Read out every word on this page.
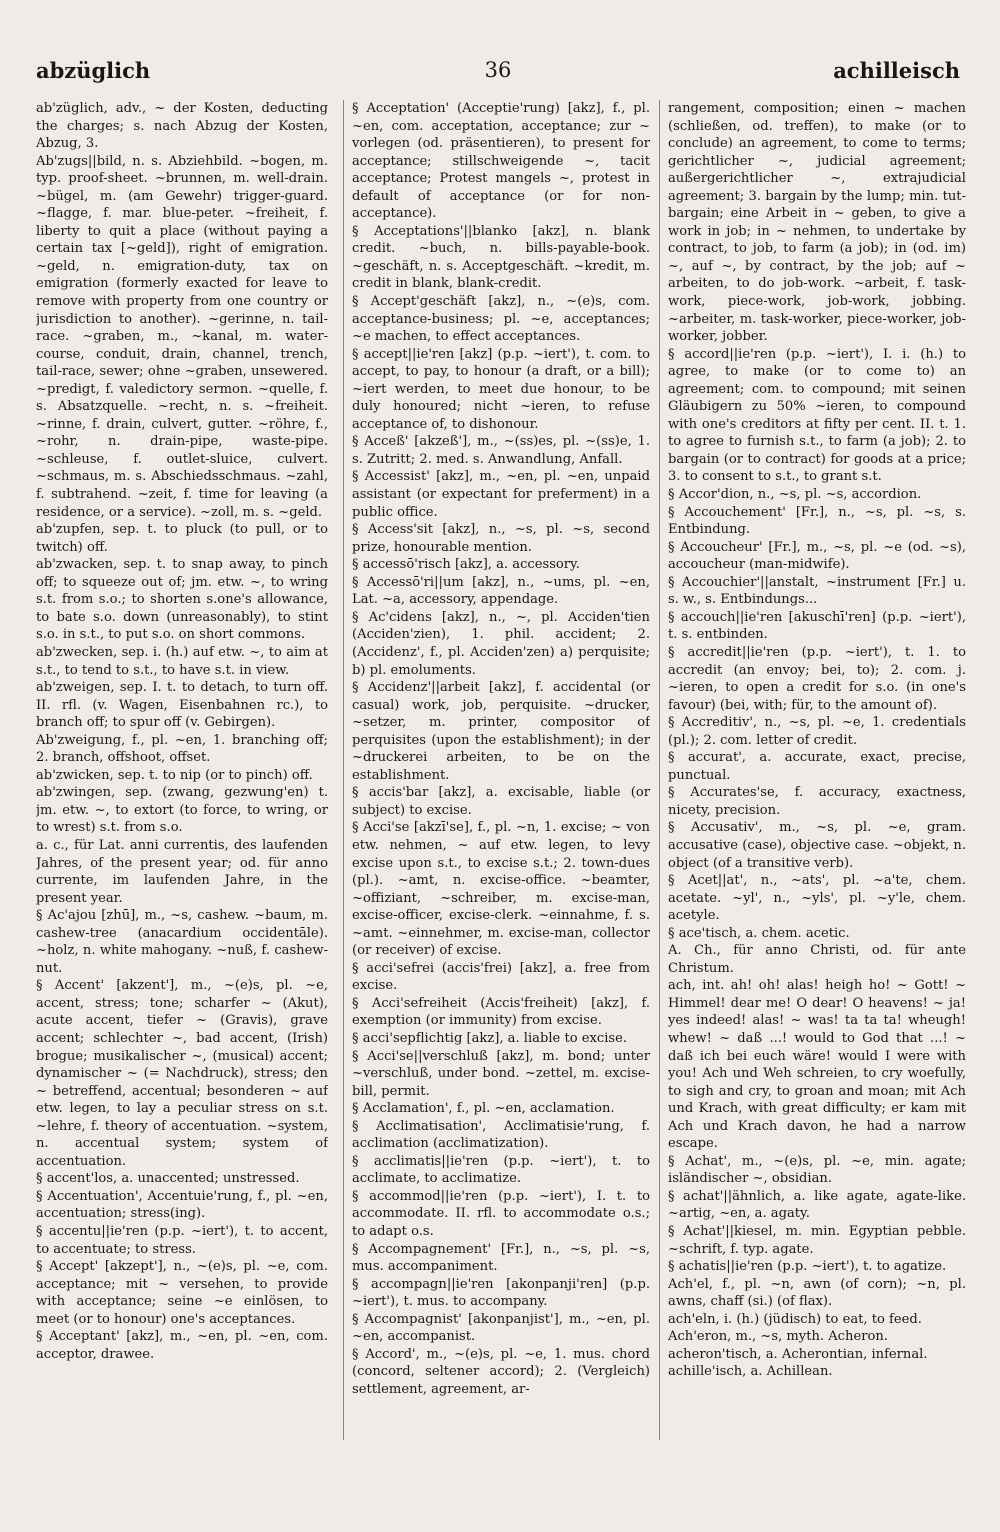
36
abzüglich	achilleisch

ab'züglich, adv., ~ der Kosten, deducting the charges; s. nach Abzug der Kosten, Abzug, 3.

Ab'zugs||bild, n. s. Abziehbild. ~bogen, m. typ. proof-sheet. ~brunnen, m. well-drain. ~bügel, m. (am Gewehr) trigger-guard. ~flagge, f. mar. blue-peter. ~freiheit, f. liberty to quit a place (without paying a certain tax [~geld]), right of emigration. ~geld, n. emigration-duty, tax on emigration (formerly exacted for leave to remove with property from one country or jurisdiction to another). ~gerinne, n. tail-race. ~graben, m., ~kanal, m. water-course, conduit, drain, channel, trench, tail-race, sewer; ohne ~graben, unsewered. ~predigt, f. valedictory sermon. ~quelle, f. s. Absatzquelle. ~recht, n. s. ~freiheit. ~rinne, f. drain, culvert, gutter. ~röhre, f., ~rohr, n. drain-pipe, waste-pipe. ~schleuse, f. outlet-sluice, culvert. ~schmaus, m. s. Abschiedsschmaus. ~zahl, f. subtrahend. ~zeit, f. time for leaving (a residence, or a service). ~zoll, m. s. ~geld.

ab'zupfen, sep. t. to pluck (to pull, or to twitch) off.

ab'zwacken, sep. t. to snap away, to pinch off; to squeeze out of; jm. etw. ~, to wring s.t. from s.o.; to shorten s.one's allowance, to bate s.o. down (unreasonably), to stint s.o. in s.t., to put s.o. on short commons.

ab'zwecken, sep. i. (h.) auf etw. ~, to aim at s.t., to tend to s.t., to have s.t. in view.

ab'zweigen, sep. I. t. to detach, to turn off. II. rfl. (v. Wagen, Eisenbahnen rc.), to branch off; to spur off (v. Gebirgen).

Ab'zweigung, f., pl. ~en, 1. branching off; 2. branch, offshoot, offset.

ab'zwicken, sep. t. to nip (or to pinch) off.

ab'zwingen, sep. (zwang, gezwung'en) t. jm. etw. ~, to extort (to force, to wring, or to wrest) s.t. from s.o.

a. c., für Lat. anni currentis, des laufenden Jahres, of the present year; od. für anno currente, im laufenden Jahre, in the present year.

§ Ac'ajou [zhū], m., ~s, cashew. ~baum, m. cashew-tree (anacardium occidentāle). ~holz, n. white mahogany. ~nuß, f. cashew-nut.

§ Accent' [akzent'], m., ~(e)s, pl. ~e, accent, stress; tone; scharfer ~ (Akut), acute accent, tiefer ~ (Gravis), grave accent; schlechter ~, bad accent, (Irish) brogue; musikalischer ~, (musical) accent; dynamischer ~ (= Nachdruck), stress; den ~ betreffend, accentual; besonderen ~ auf etw. legen, to lay a peculiar stress on s.t. ~lehre, f. theory of accentuation. ~system, n. accentual system; system of accentuation.

§ accent'los, a. unaccented; unstressed.

§ Accentuation', Accentuie'rung, f., pl. ~en, accentuation; stress(ing).

§ accentu||ie'ren (p.p. ~iert'), t. to accent, to accentuate; to stress.

§ Accept' [akzept'], n., ~(e)s, pl. ~e, com. acceptance; mit ~ versehen, to provide with acceptance; seine ~e einlösen, to meet (or to honour) one's acceptances.

§ Acceptant' [akz], m., ~en, pl. ~en, com. acceptor, drawee.

§ Acceptation' (Acceptie'rung) [akz], f., pl. ~en, com. acceptation, acceptance; zur ~ vorlegen (od. präsentieren), to present for acceptance; stillschweigende ~, tacit acceptance; Protest mangels ~, protest in default of acceptance (or for non-acceptance).

§ Acceptations'||blanko [akz], n. blank credit. ~buch, n. bills-payable-book. ~geschäft, n. s. Acceptgeschäft. ~kredit, m. credit in blank, blank-credit.

§ Accept'geschäft [akz], n., ~(e)s, com. acceptance-business; pl. ~e, acceptances; ~e machen, to effect acceptances.

§ accept||ie'ren [akz] (p.p. ~iert'), t. com. to accept, to pay, to honour (a draft, or a bill); ~iert werden, to meet due honour, to be duly honoured; nicht ~ieren, to refuse acceptance of, to dishonour.

§ Acceß' [akzeß'], m., ~(ss)es, pl. ~(ss)e, 1. s. Zutritt; 2. med. s. Anwandlung, Anfall.

§ Accessist' [akz], m., ~en, pl. ~en, unpaid assistant (or expectant for preferment) in a public office.

§ Access'sit [akz], n., ~s, pl. ~s, second prize, honourable mention.

§ accessō'risch [akz], a. accessory.

§ Accessō'ri||um [akz], n., ~ums, pl. ~en, Lat. ~a, accessory, appendage.

§ Ac'cidens [akz], n., ~, pl. Acciden'tien (Acciden'zien), 1. phil. accident; 2. (Accidenz', f., pl. Acciden'zen) a) perquisite; b) pl. emoluments.

§ Accidenz'||arbeit [akz], f. accidental (or casual) work, job, perquisite. ~drucker, ~setzer, m. printer, compositor of perquisites (upon the establishment); in der ~druckerei arbeiten, to be on the establishment.

§ accis'bar [akz], a. excisable, liable (or subject) to excise.

§ Acci'se [akzī'se], f., pl. ~n, 1. excise; ~ von etw. nehmen, ~ auf etw. legen, to levy excise upon s.t., to excise s.t.; 2. town-dues (pl.). ~amt, n. excise-office. ~beamter, ~offiziant, ~schreiber, m. excise-man, excise-officer, excise-clerk. ~einnahme, f. s. ~amt. ~einnehmer, m. excise-man, collector (or receiver) of excise.

§ acci'sefrei (accis'frei) [akz], a. free from excise.

§ Acci'sefreiheit (Accis'freiheit) [akz], f. exemption (or immunity) from excise.

§ acci'sepflichtig [akz], a. liable to excise.

§ Acci'se||verschluß [akz], m. bond; unter ~verschluß, under bond. ~zettel, m. excise-bill, permit.

§ Acclamation', f., pl. ~en, acclamation.

§ Acclimatisation', Acclimatisie'rung, f. acclimation (acclimatization).

§ acclimatis||ie'ren (p.p. ~iert'), t. to acclimate, to acclimatize.

§ accommod||ie'ren (p.p. ~iert'), I. t. to accommodate. II. rfl. to accommodate o.s.; to adapt o.s.

§ Accompagnement' [Fr.], n., ~s, pl. ~s, mus. accompaniment.

§ accompagn||ie'ren [akonpanji'ren] (p.p. ~iert'), t. mus. to accompany.

§ Accompagnist' [akonpanjist'], m., ~en, pl. ~en, accompanist.

§ Accord', m., ~(e)s, pl. ~e, 1. mus. chord (concord, seltener accord); 2. (Vergleich) settlement, agreement, ar-

rangement, composition; einen ~ machen (schließen, od. treffen), to make (or to conclude) an agreement, to come to terms; gerichtlicher ~, judicial agreement; außergerichtlicher ~, extrajudicial agreement; 3. bargain by the lump; min. tut-bargain; eine Arbeit in ~ geben, to give a work in job; in ~ nehmen, to undertake by contract, to job, to farm (a job); in (od. im) ~, auf ~, by contract, by the job; auf ~ arbeiten, to do job-work. ~arbeit, f. task-work, piece-work, job-work, jobbing. ~arbeiter, m. task-worker, piece-worker, job-worker, jobber.

§ accord||ie'ren (p.p. ~iert'), I. i. (h.) to agree, to make (or to come to) an agreement; com. to compound; mit seinen Gläubigern zu 50% ~ieren, to compound with one's creditors at fifty per cent. II. t. 1. to agree to furnish s.t., to farm (a job); 2. to bargain (or to contract) for goods at a price; 3. to consent to s.t., to grant s.t.

§ Accor'dion, n., ~s, pl. ~s, accordion.

§ Accouchement' [Fr.], n., ~s, pl. ~s, s. Entbindung.

§ Accoucheur' [Fr.], m., ~s, pl. ~e (od. ~s), accoucheur (man-midwife).

§ Accouchier'||anstalt, ~instrument [Fr.] u. s. w., s. Entbindungs...

§ accouch||ie'ren [akuschī'ren] (p.p. ~iert'), t. s. entbinden.

§ accredit||ie'ren (p.p. ~iert'), t. 1. to accredit (an envoy; bei, to); 2. com. j. ~ieren, to open a credit for s.o. (in one's favour) (bei, with; für, to the amount of).

§ Accreditiv', n., ~s, pl. ~e, 1. credentials (pl.); 2. com. letter of credit.

§ accurat', a. accurate, exact, precise, punctual.

§ Accurates'se, f. accuracy, exactness, nicety, precision.

§ Accusativ', m., ~s, pl. ~e, gram. accusative (case), objective case. ~objekt, n. object (of a transitive verb).

§ Acet||at', n., ~ats', pl. ~a'te, chem. acetate. ~yl', n., ~yls', pl. ~y'le, chem. acetyle.

§ ace'tisch, a. chem. acetic.

A. Ch., für anno Christi, od. für ante Christum.

ach, int. ah! oh! alas! heigh ho! ~ Gott! ~ Himmel! dear me! O dear! O heavens! ~ ja! yes indeed! alas! ~ was! ta ta ta! wheugh! whew! ~ daß ...! would to God that ...! ~ daß ich bei euch wäre! would I were with you! Ach und Weh schreien, to cry woefully, to sigh and cry, to groan and moan; mit Ach und Krach, with great difficulty; er kam mit Ach und Krach davon, he had a narrow escape.

§ Achat', m., ~(e)s, pl. ~e, min. agate; isländischer ~, obsidian.

§ achat'||ähnlich, a. like agate, agate-like. ~artig, ~en, a. agaty.

§ Achat'||kiesel, m. min. Egyptian pebble. ~schrift, f. typ. agate.

§ achatis||ie'ren (p.p. ~iert'), t. to agatize.

Ach'el, f., pl. ~n, awn (of corn); ~n, pl. awns, chaff (si.) (of flax).

ach'eln, i. (h.) (jüdisch) to eat, to feed.

Ach'eron, m., ~s, myth. Acheron.

acheron'tisch, a. Acherontian, infernal.

achille'isch, a. Achillean.
